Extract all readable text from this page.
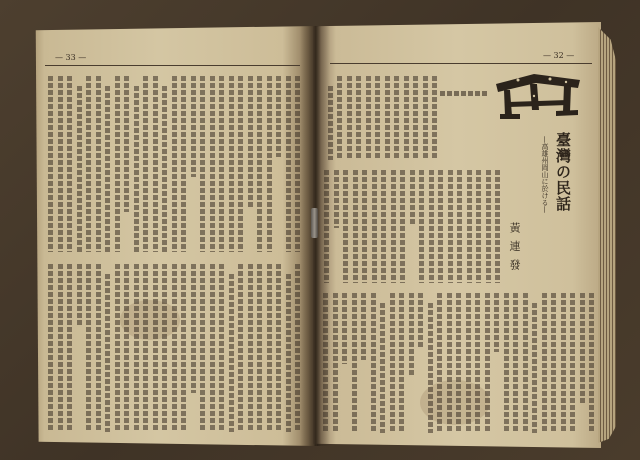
— 33 —	— 32 —
臺灣の民話
—高雄州岡山に於ける—
黃 連 發
